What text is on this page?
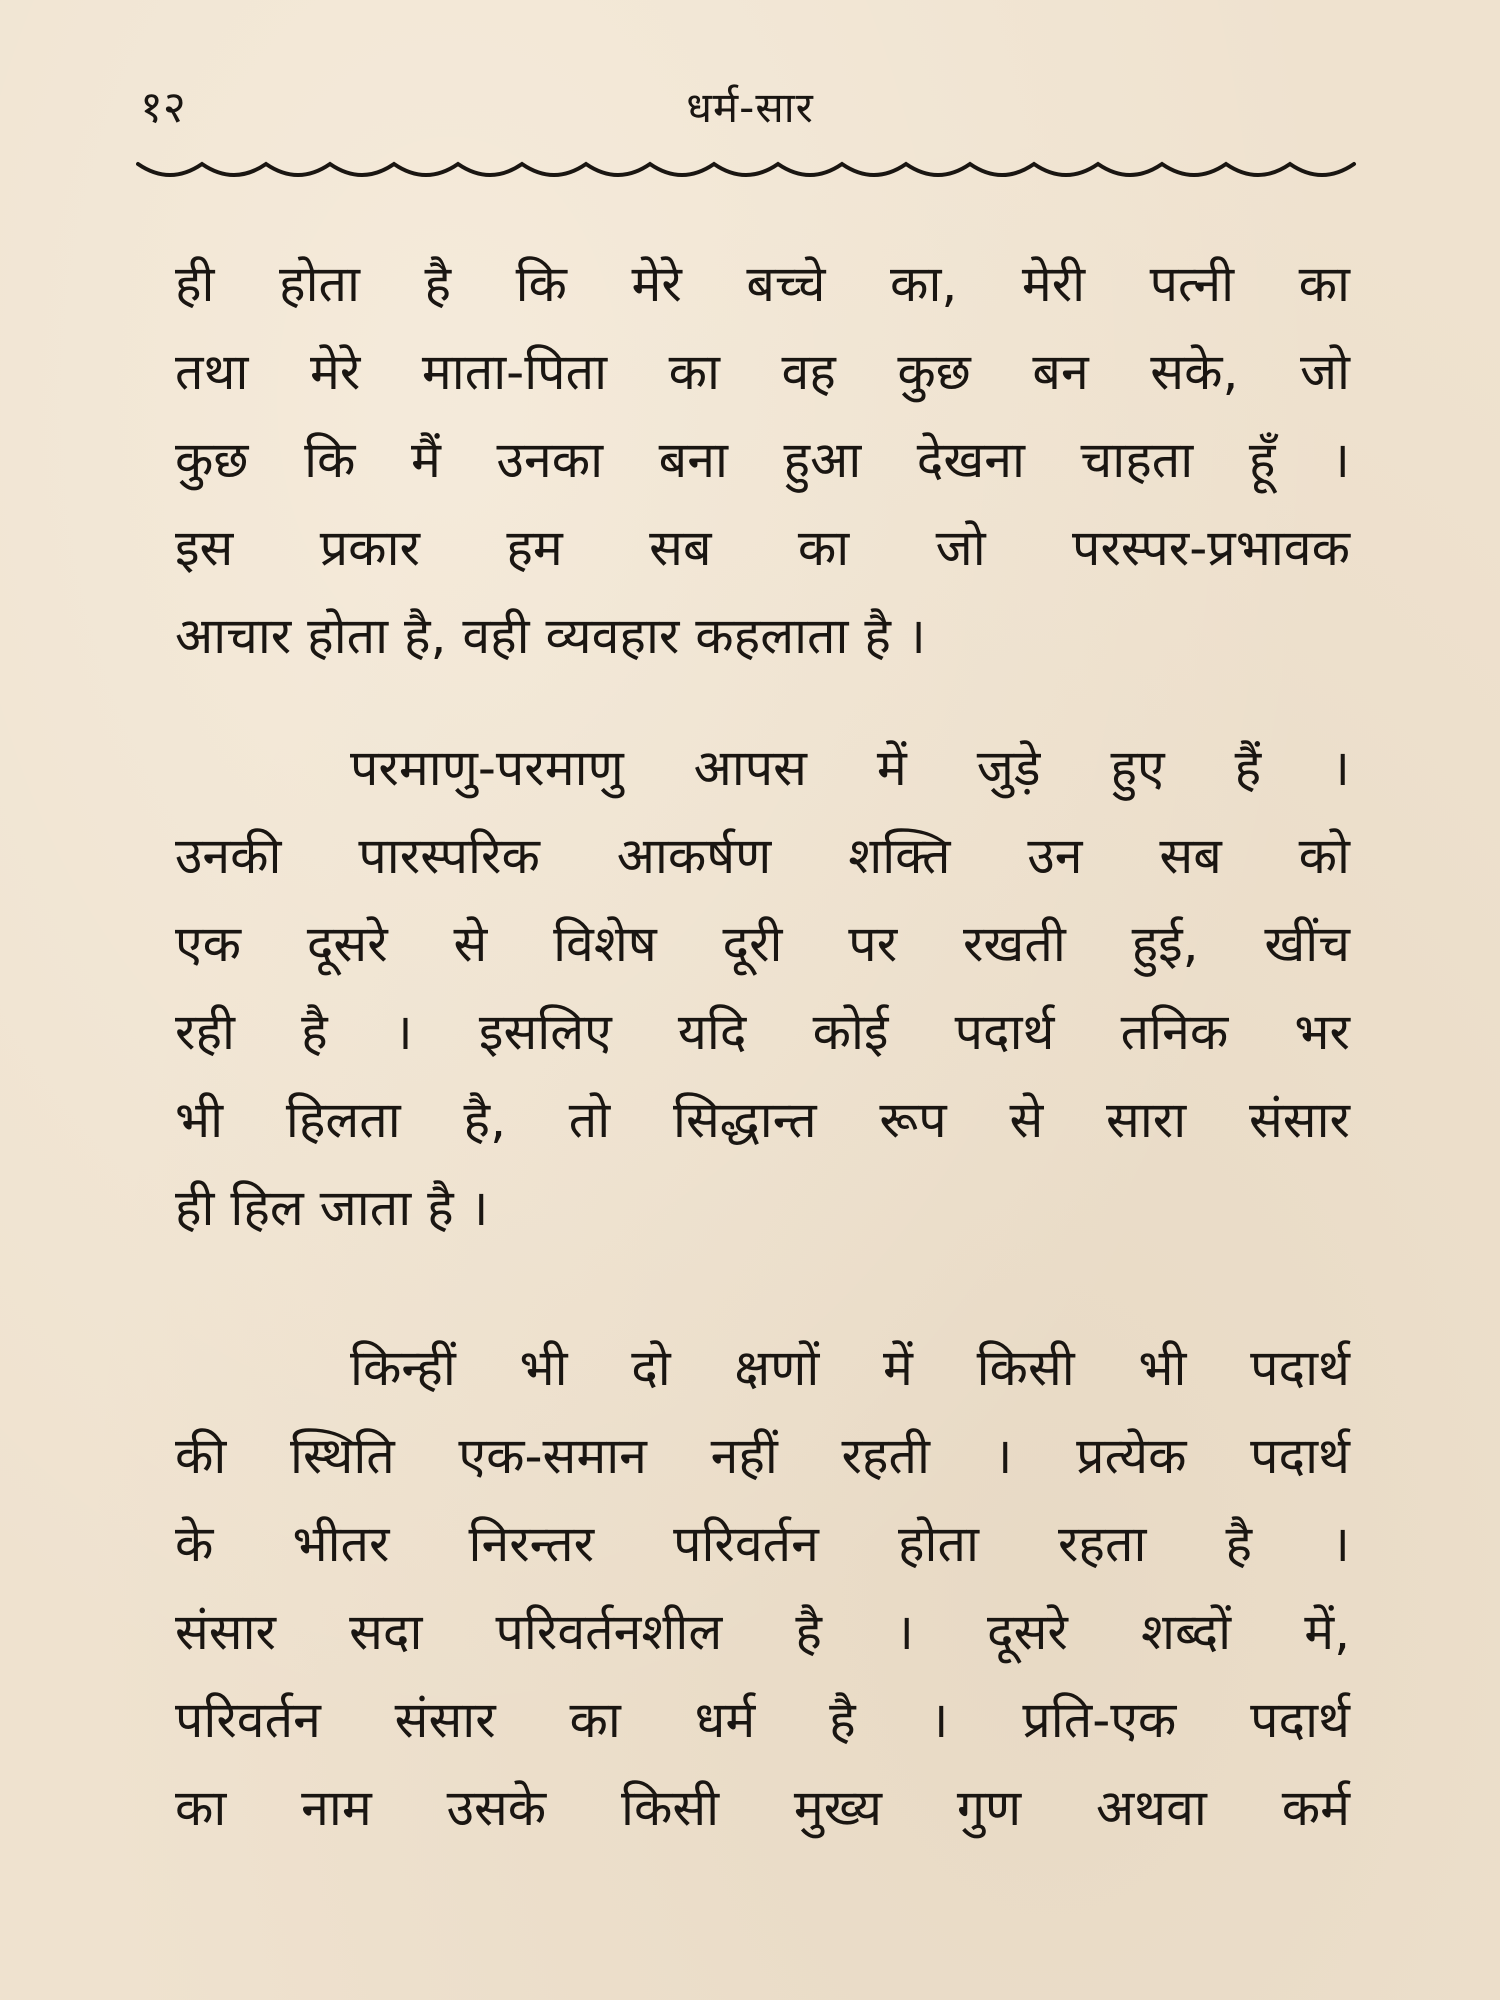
१२	धर्म-सार
ही होता है कि मेरे बच्चे का, मेरी पत्नी का
तथा मेरे माता-पिता का वह कुछ बन सके, जो
कुछ कि मैं उनका बना हुआ देखना चाहता हूँ ।
इस प्रकार हम सब का जो परस्पर-प्रभावक
आचार होता है, वही व्यवहार कहलाता है ।
परमाणु-परमाणु आपस में जुड़े हुए हैं ।
उनकी पारस्परिक आकर्षण शक्ति उन सब को
एक दूसरे से विशेष दूरी पर रखती हुई, खींच
रही है । इसलिए यदि कोई पदार्थ तनिक भर
भी हिलता है, तो सिद्धान्त रूप से सारा संसार
ही हिल जाता है ।
किन्हीं भी दो क्षणों में किसी भी पदार्थ
की स्थिति एक-समान नहीं रहती । प्रत्येक पदार्थ
के भीतर निरन्तर परिवर्तन होता रहता है ।
संसार सदा परिवर्तनशील है । दूसरे शब्दों में,
परिवर्तन संसार का धर्म है । प्रति-एक पदार्थ
का नाम उसके किसी मुख्य गुण अथवा कर्म
